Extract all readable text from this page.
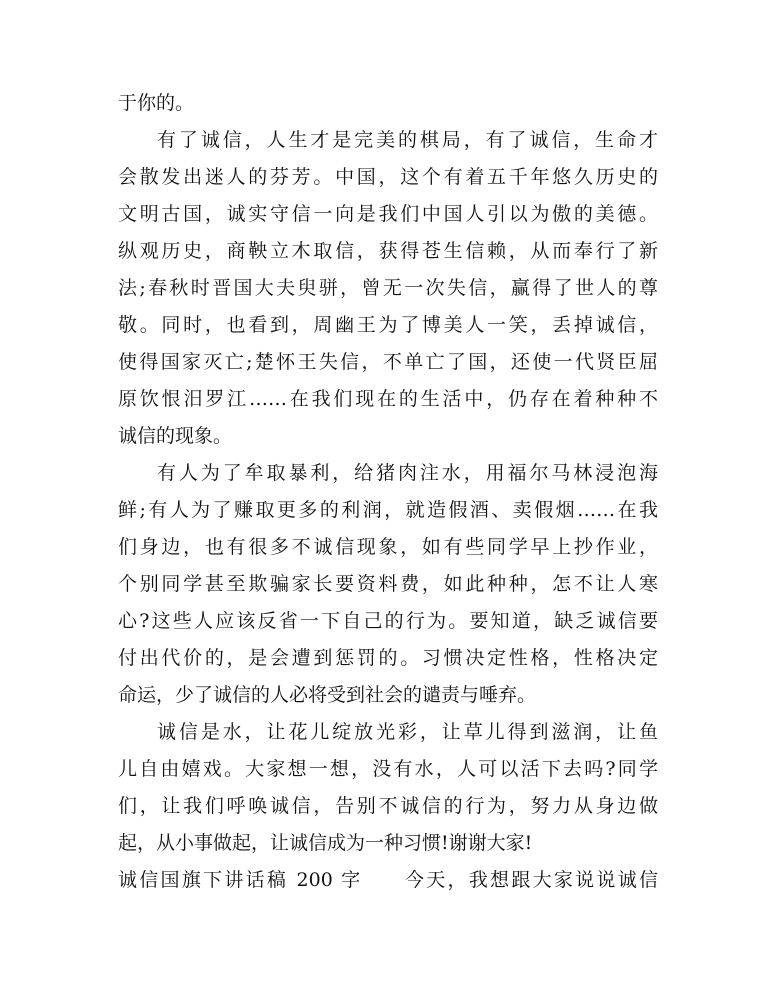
于你的。
有了诚信，人生才是完美的棋局，有了诚信，生命才
会散发出迷人的芬芳。中国，这个有着五千年悠久历史的
文明古国，诚实守信一向是我们中国人引以为傲的美德。
纵观历史，商鞅立木取信，获得苍生信赖，从而奉行了新
法;春秋时晋国大夫臾骈，曾无一次失信，赢得了世人的尊
敬。同时，也看到，周幽王为了博美人一笑，丢掉诚信，
使得国家灭亡;楚怀王失信，不单亡了国，还使一代贤臣屈
原饮恨汨罗江……在我们现在的生活中，仍存在着种种不
诚信的现象。
有人为了牟取暴利，给猪肉注水，用福尔马林浸泡海
鲜;有人为了赚取更多的利润，就造假酒、卖假烟……在我
们身边，也有很多不诚信现象，如有些同学早上抄作业，
个别同学甚至欺骗家长要资料费，如此种种，怎不让人寒
心?这些人应该反省一下自己的行为。要知道，缺乏诚信要
付出代价的，是会遭到惩罚的。习惯决定性格，性格决定
命运，少了诚信的人必将受到社会的谴责与唾弃。
诚信是水，让花儿绽放光彩，让草儿得到滋润，让鱼
儿自由嬉戏。大家想一想，没有水，人可以活下去吗?同学
们，让我们呼唤诚信，告别不诚信的行为，努力从身边做
起，从小事做起，让诚信成为一种习惯!谢谢大家!
诚信国旗下讲话稿 200 字　　今天，我想跟大家说说诚信
